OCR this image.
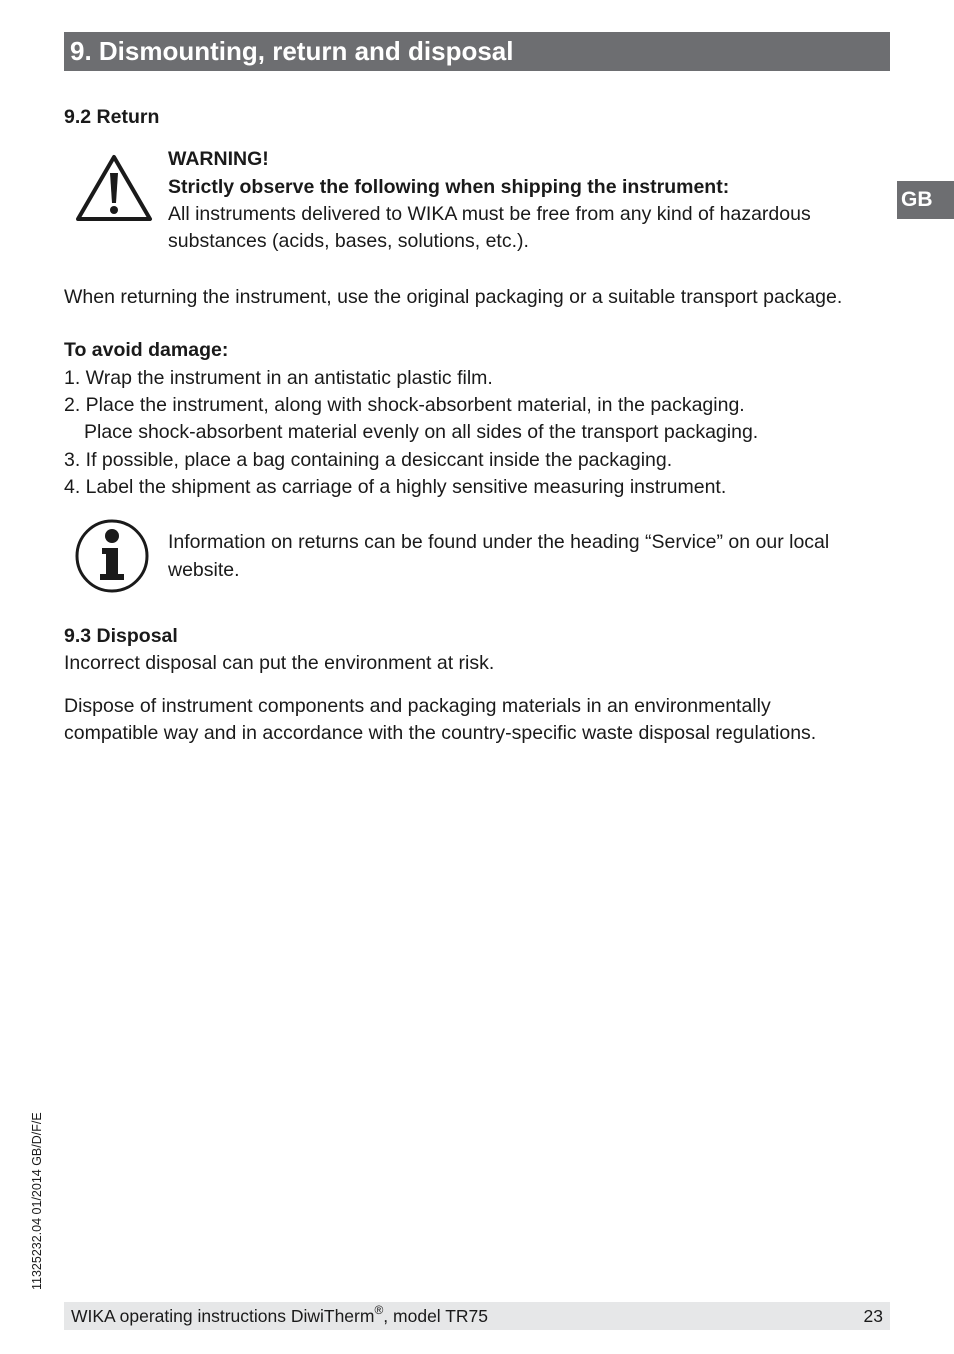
9. Dismounting, return and disposal
GB
9.2 Return
WARNING!
Strictly observe the following when shipping the instrument:
All instruments delivered to WIKA must be free from any kind of hazardous
substances (acids, bases, solutions, etc.).
When returning the instrument, use the original packaging or a suitable transport package.
To avoid damage:
1. Wrap the instrument in an antistatic plastic film.
2. Place the instrument, along with shock-absorbent material, in the packaging.
Place shock-absorbent material evenly on all sides of the transport packaging.
3. If possible, place a bag containing a desiccant inside the packaging.
4. Label the shipment as carriage of a highly sensitive measuring instrument.
Information on returns can be found under the heading “Service” on our local
website.
9.3 Disposal
Incorrect disposal can put the environment at risk.
Dispose of instrument components and packaging materials in an environmentally
compatible way and in accordance with the country-specific waste disposal regulations.
11325232.04 01/2014 GB/D/F/E
WIKA operating instructions DiwiTherm®, model TR75	23
